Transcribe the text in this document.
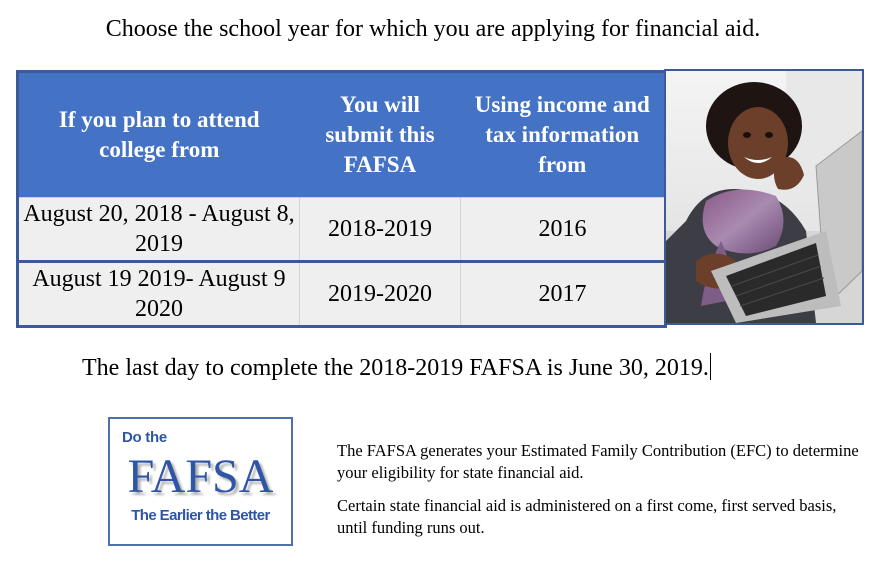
Choose the school year for which you are applying for financial aid.
If you plan to attend college from	You will submit this FAFSA	Using income and tax information from
August 20, 2018 - August 8, 2019	2018-2019	2016
August 19 2019- August 9 2020	2019-2020	2017
The last day to complete the 2018-2019 FAFSA is June 30, 2019.
Do the
FAFSA
The Earlier the Better

The FAFSA generates your Estimated Family Contribution (EFC) to determine your eligibility for state financial aid.

Certain state financial aid is administered on a first come, first served basis, until funding runs out.
